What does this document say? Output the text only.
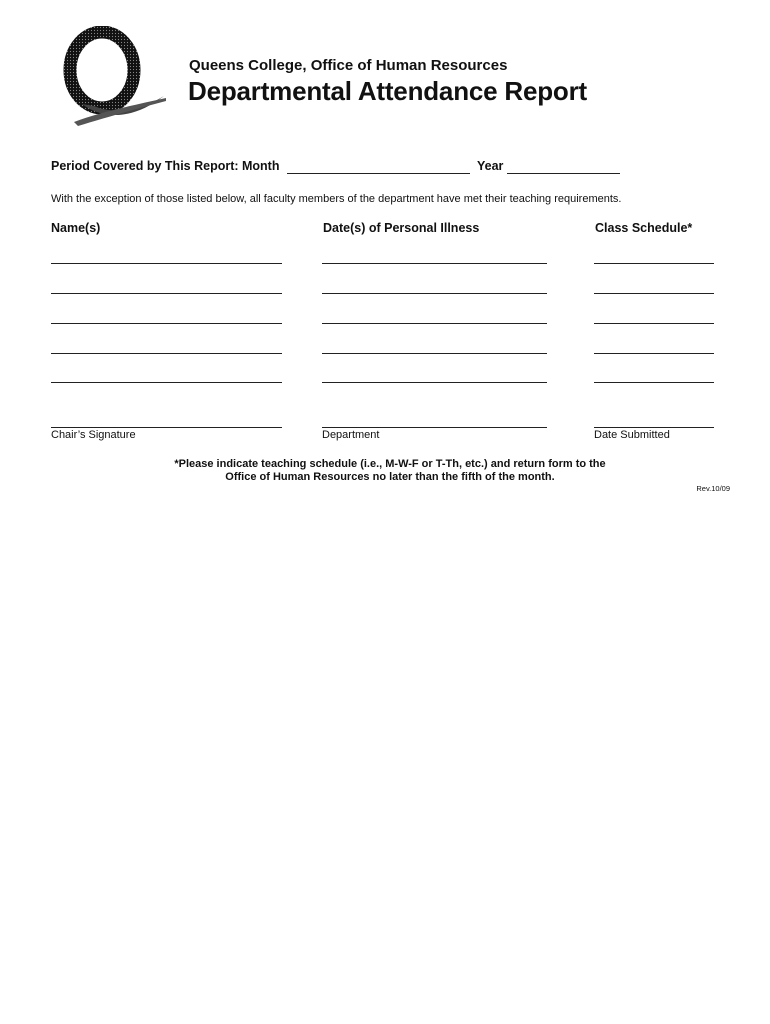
Queens College, Office of Human Resources
Departmental Attendance Report
Period Covered by This Report: Month	Year
With the exception of those listed below, all faculty members of the department have met their teaching requirements.
Name(s)	Date(s) of Personal Illness	Class Schedule*
Chair’s Signature	Department	Date Submitted
*Please indicate teaching schedule (i.e., M-W-F or T-Th, etc.) and return form to the
Office of Human Resources no later than the fifth of the month.
Rev.10/09
